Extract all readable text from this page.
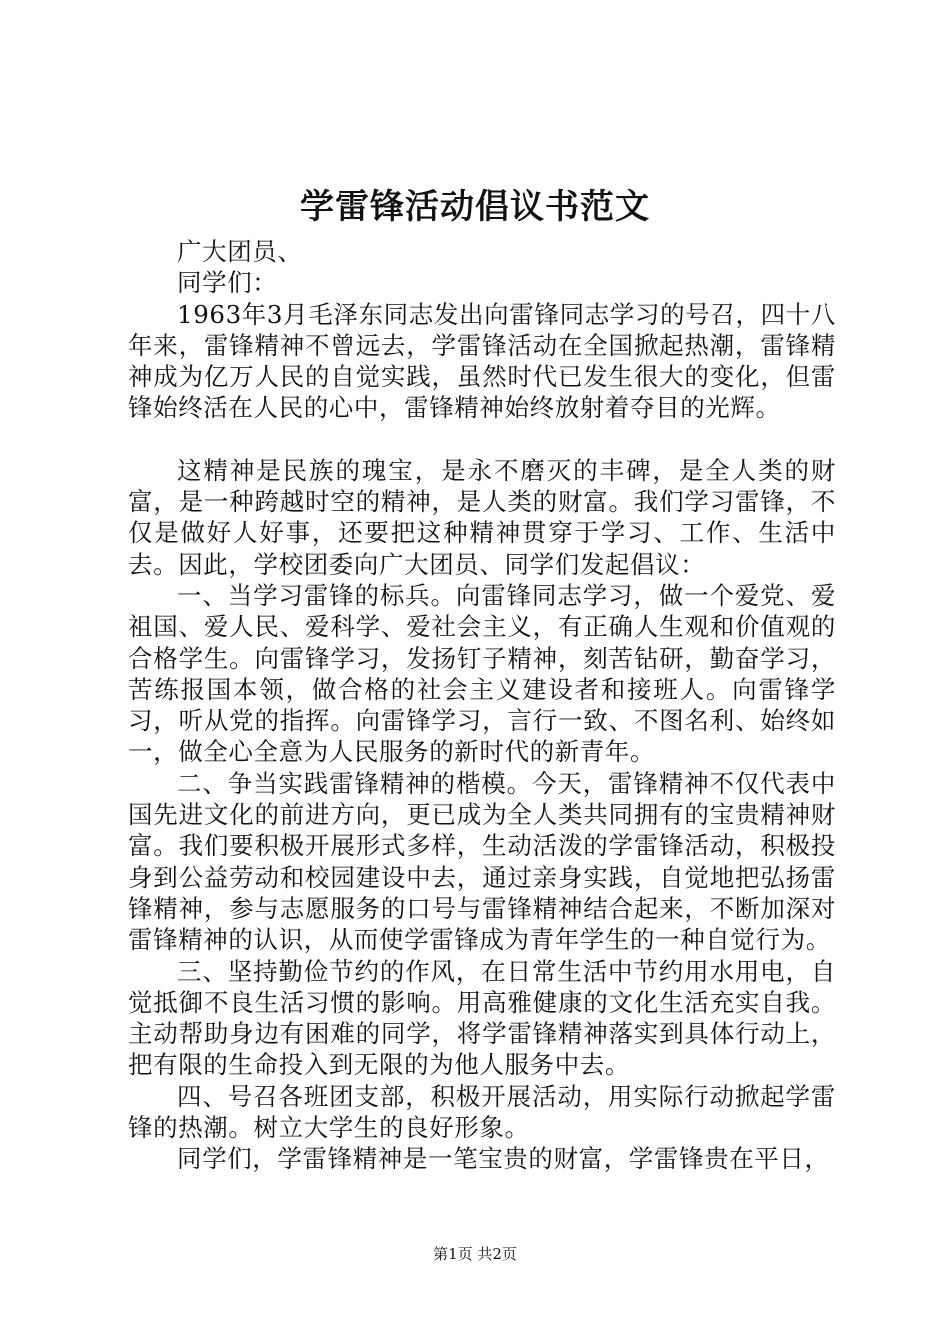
学雷锋活动倡议书范文

广大团员、

同学们：

1963年3月毛泽东同志发出向雷锋同志学习的号召，四十八年来，雷锋精神不曾远去，学雷锋活动在全国掀起热潮，雷锋精神成为亿万人民的自觉实践，虽然时代已发生很大的变化，但雷锋始终活在人民的心中，雷锋精神始终放射着夺目的光辉。

这精神是民族的瑰宝，是永不磨灭的丰碑，是全人类的财富，是一种跨越时空的精神，是人类的财富。我们学习雷锋，不仅是做好人好事，还要把这种精神贯穿于学习、工作、生活中去。因此，学校团委向广大团员、同学们发起倡议：

一、当学习雷锋的标兵。向雷锋同志学习，做一个爱党、爱祖国、爱人民、爱科学、爱社会主义，有正确人生观和价值观的合格学生。向雷锋学习，发扬钉子精神，刻苦钻研，勤奋学习，苦练报国本领，做合格的社会主义建设者和接班人。向雷锋学习，听从党的指挥。向雷锋学习，言行一致、不图名利、始终如一，做全心全意为人民服务的新时代的新青年。

二、争当实践雷锋精神的楷模。今天，雷锋精神不仅代表中国先进文化的前进方向，更已成为全人类共同拥有的宝贵精神财富。我们要积极开展形式多样，生动活泼的学雷锋活动，积极投身到公益劳动和校园建设中去，通过亲身实践，自觉地把弘扬雷锋精神，参与志愿服务的口号与雷锋精神结合起来，不断加深对雷锋精神的认识，从而使学雷锋成为青年学生的一种自觉行为。

三、坚持勤俭节约的作风，在日常生活中节约用水用电，自觉抵御不良生活习惯的影响。用高雅健康的文化生活充实自我。主动帮助身边有困难的同学，将学雷锋精神落实到具体行动上，把有限的生命投入到无限的为他人服务中去。

四、号召各班团支部，积极开展活动，用实际行动掀起学雷锋的热潮。树立大学生的良好形象。

同学们，学雷锋精神是一笔宝贵的财富，学雷锋贵在平日，

第1页 共2页
